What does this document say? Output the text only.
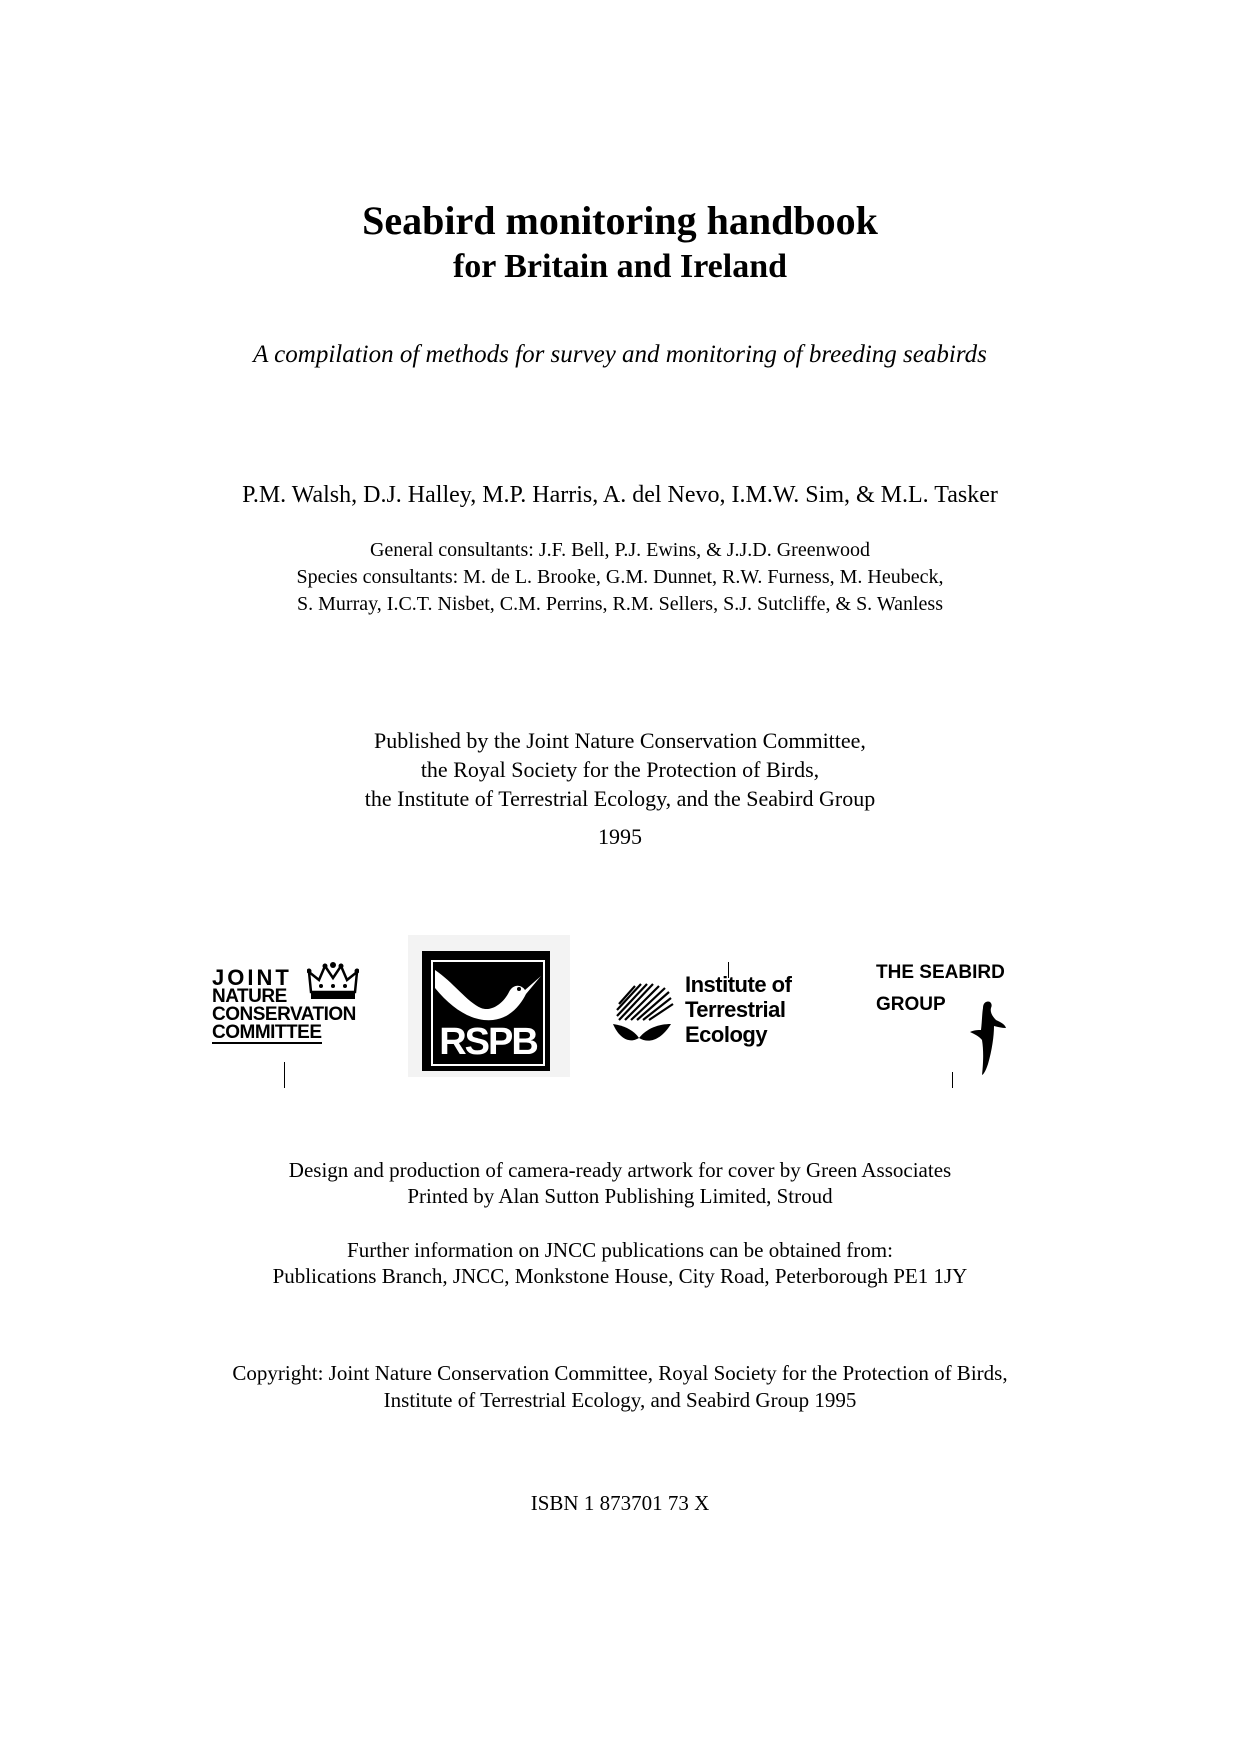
Seabird monitoring handbook
for Britain and Ireland
A compilation of methods for survey and monitoring of breeding seabirds
P.M. Walsh, D.J. Halley, M.P. Harris, A. del Nevo, I.M.W. Sim, & M.L. Tasker
General consultants: J.F. Bell, P.J. Ewins, & J.J.D. Greenwood
Species consultants: M. de L. Brooke, G.M. Dunnet, R.W. Furness, M. Heubeck,
S. Murray, I.C.T. Nisbet, C.M. Perrins, R.M. Sellers, S.J. Sutcliffe, & S. Wanless
Published by the Joint Nature Conservation Committee,
the Royal Society for the Protection of Birds,
the Institute of Terrestrial Ecology, and the Seabird Group
1995
JOINT
NATURE
CONSERVATION
COMMITTEE	RSPB
Institute of
Terrestrial
Ecology
THE SEABIRD
GROUP
Design and production of camera-ready artwork for cover by Green Associates
Printed by Alan Sutton Publishing Limited, Stroud
Further information on JNCC publications can be obtained from:
Publications Branch, JNCC, Monkstone House, City Road, Peterborough PE1 1JY
Copyright: Joint Nature Conservation Committee, Royal Society for the Protection of Birds,
Institute of Terrestrial Ecology, and Seabird Group 1995
ISBN 1 873701 73 X
